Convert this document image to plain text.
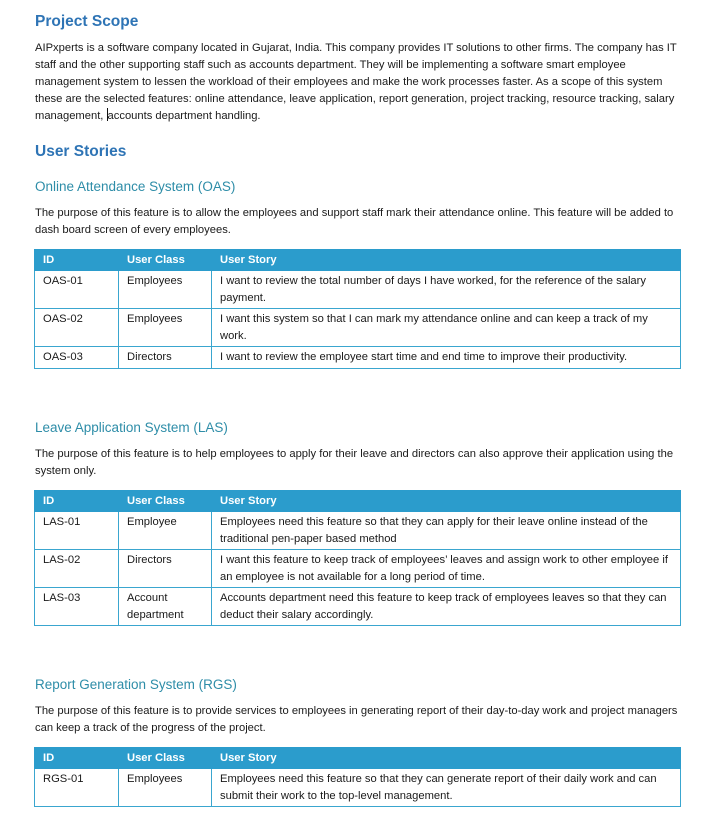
Project Scope

AIPxperts is a software company located in Gujarat, India. This company provides IT solutions to other firms. The company has IT staff and the other supporting staff such as accounts department. They will be implementing a software smart employee management system to lessen the workload of their employees and make the work processes faster. As a scope of this system these are the selected features: online attendance, leave application, report generation, project tracking, resource tracking, salary management, accounts department handling.

User Stories
Online Attendance System (OAS)

The purpose of this feature is to allow the employees and support staff mark their attendance online. This feature will be added to dash board screen of every employees.

ID	User Class	User Story
OAS-01	Employees	I want to review the total number of days I have worked, for the reference of the salary payment.
OAS-02	Employees	I want this system so that I can mark my attendance online and can keep a track of my work.
OAS-03	Directors	I want to review the employee start time and end time to improve their productivity.
Leave Application System (LAS)

The purpose of this feature is to help employees to apply for their leave and directors can also approve their application using the system only.

ID	User Class	User Story
LAS-01	Employee	Employees need this feature so that they can apply for their leave online instead of the traditional pen-paper based method
LAS-02	Directors	I want this feature to keep track of employees’ leaves and assign work to other employee if an employee is not available for a long period of time.
LAS-03	Account department	Accounts department need this feature to keep track of employees leaves so that they can deduct their salary accordingly.
Report Generation System (RGS)

The purpose of this feature is to provide services to employees in generating report of their day-to-day work and project managers can keep a track of the progress of the project.

ID	User Class	User Story
RGS-01	Employees	Employees need this feature so that they can generate report of their daily work and can submit their work to the top-level management.
